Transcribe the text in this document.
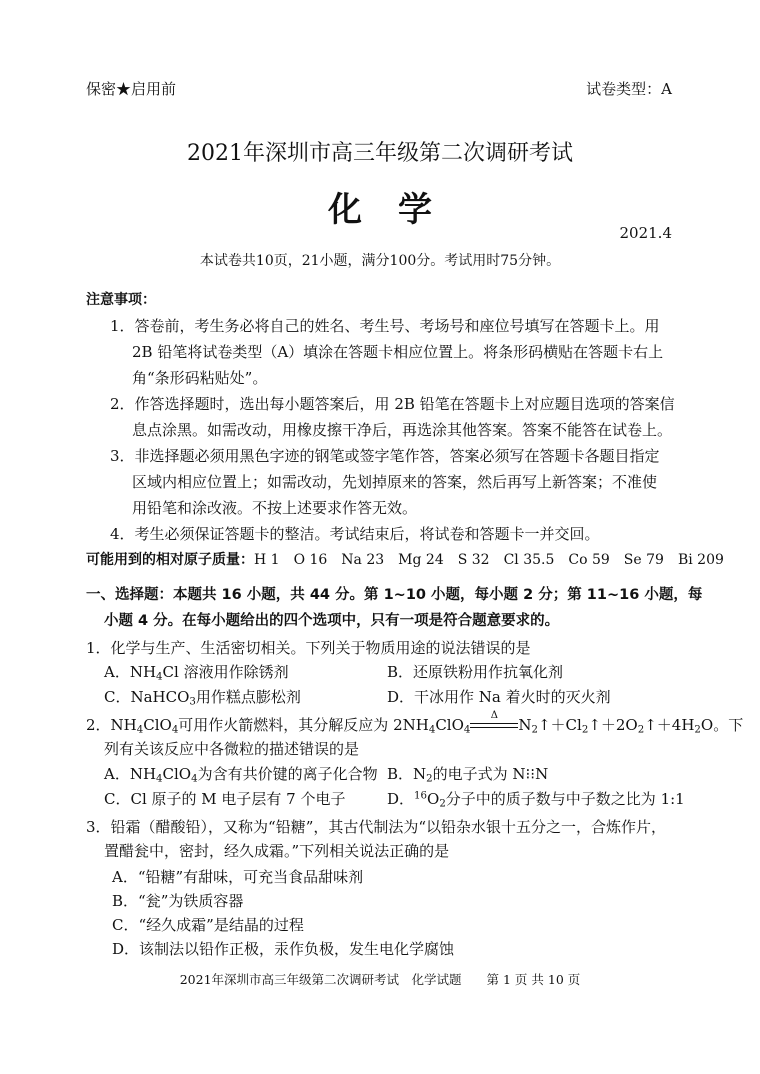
保密★启用前	试卷类型：A
2021年深圳市高三年级第二次调研考试
化学
2021.4
本试卷共10页，21小题，满分100分。考试用时75分钟。
注意事项：
1．答卷前，考生务必将自己的姓名、考生号、考场号和座位号填写在答题卡上。用
2B 铅笔将试卷类型（A）填涂在答题卡相应位置上。将条形码横贴在答题卡右上
角“条形码粘贴处”。
2．作答选择题时，选出每小题答案后，用 2B 铅笔在答题卡上对应题目选项的答案信
息点涂黑。如需改动，用橡皮擦干净后，再选涂其他答案。答案不能答在试卷上。
3．非选择题必须用黑色字迹的钢笔或签字笔作答，答案必须写在答题卡各题目指定
区域内相应位置上；如需改动，先划掉原来的答案，然后再写上新答案；不准使
用铅笔和涂改液。不按上述要求作答无效。
4．考生必须保证答题卡的整洁。考试结束后，将试卷和答题卡一并交回。
可能用到的相对原子质量：H 1　O 16　Na 23　Mg 24　S 32　Cl 35.5　Co 59　Se 79　Bi 209
一、选择题：本题共 16 小题，共 44 分。第 1~10 小题，每小题 2 分；第 11~16 小题，每
小题 4 分。在每小题给出的四个选项中，只有一项是符合题意要求的。
1．化学与生产、生活密切相关。下列关于物质用途的说法错误的是
A．$NH_4Cl$ 溶液用作除锈剂	B．还原铁粉用作抗氧化剂
C．NaHCO$_3$用作糕点膨松剂	D．干冰用作 Na 着火时的灭火剂
2．$NH_4ClO_4$可用作火箭燃料，其分解反应为 $2NH_4ClO_4$
Δ
$N_2↑+Cl_2↑+2O_2↑+4H_2O$。下
列有关该反应中各微粒的描述错误的是
A．$NH_4ClO_4$为含有共价键的离子化合物 B．$N_2$的电子式为 N⁝⁝N
C．Cl 原子的 M 电子层有 7 个电子	D．$^{16}O_2$分子中的质子数与中子数之比为 1:1
3．铅霜（醋酸铅），又称为“铅糖”，其古代制法为“以铅杂水银十五分之一，合炼作片，
置醋瓮中，密封，经久成霜。”下列相关说法正确的是
A．“铅糖”有甜味，可充当食品甜味剂
B．“瓮”为铁质容器
C．“经久成霜”是结晶的过程
D．该制法以铅作正极，汞作负极，发生电化学腐蚀
2021年深圳市高三年级第二次调研考试　化学试题　　第 1 页 共 10 页
